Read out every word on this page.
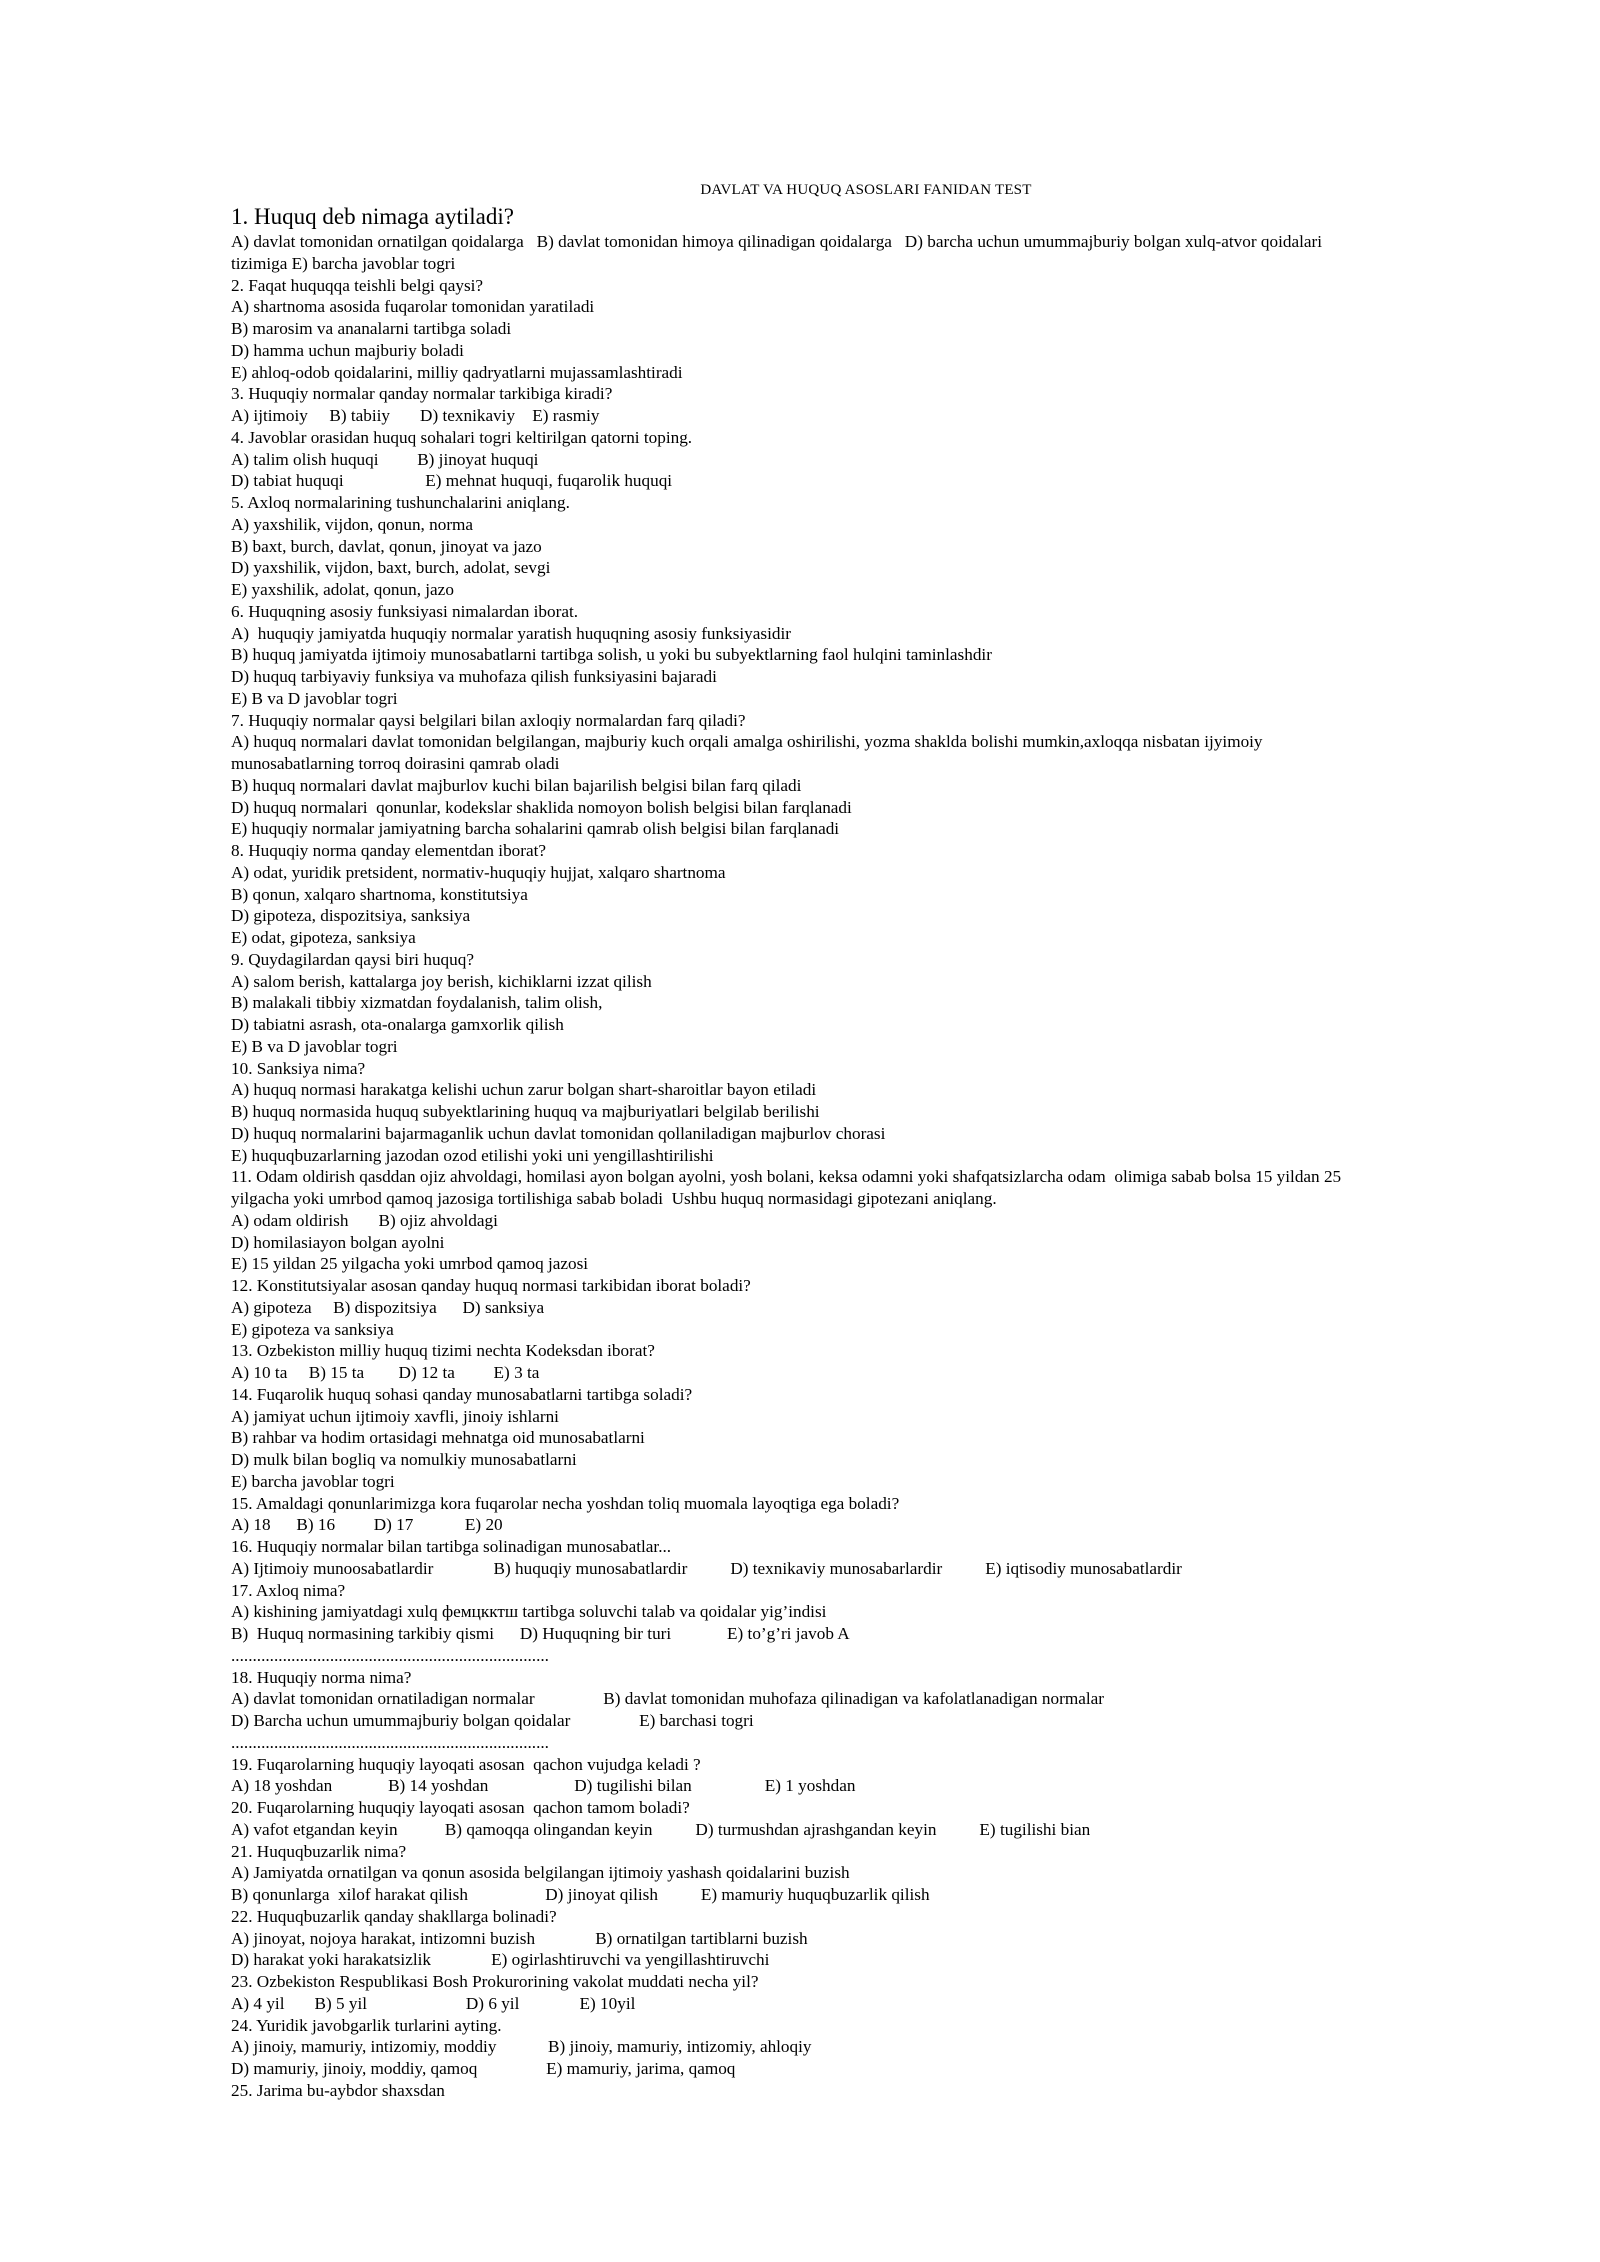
DAVLAT VA HUQUQ ASOSLARI FANIDAN TEST
1. Huquq deb nimaga aytiladi?
A) davlat tomonidan ornatilgan qoidalarga   B) davlat tomonidan himoya qilinadigan qoidalarga   D) barcha uchun umummajburiy bolgan xulq-atvor qoidalari
tizimiga E) barcha javoblar togri
2. Faqat huquqqa teishli belgi qaysi?
A) shartnoma asosida fuqarolar tomonidan yaratiladi
B) marosim va ananalarni tartibga soladi
D) hamma uchun majburiy boladi
E) ahloq-odob qoidalarini, milliy qadryatlarni mujassamlashtiradi
3. Huquqiy normalar qanday normalar tarkibiga kiradi?
A) ijtimoiy     B) tabiiy       D) texnikaviy    E) rasmiy
4. Javoblar orasidan huquq sohalari togri keltirilgan qatorni toping.
A) talim olish huquqi         B) jinoyat huquqi
D) tabiat huquqi                   E) mehnat huquqi, fuqarolik huquqi
5. Axloq normalarining tushunchalarini aniqlang.
A) yaxshilik, vijdon, qonun, norma
B) baxt, burch, davlat, qonun, jinoyat va jazo
D) yaxshilik, vijdon, baxt, burch, adolat, sevgi
E) yaxshilik, adolat, qonun, jazo
6. Huquqning asosiy funksiyasi nimalardan iborat.
A)  huquqiy jamiyatda huquqiy normalar yaratish huquqning asosiy funksiyasidir
B) huquq jamiyatda ijtimoiy munosabatlarni tartibga solish, u yoki bu subyektlarning faol hulqini taminlashdir
D) huquq tarbiyaviy funksiya va muhofaza qilish funksiyasini bajaradi
E) B va D javoblar togri
7. Huquqiy normalar qaysi belgilari bilan axloqiy normalardan farq qiladi?
A) huquq normalari davlat tomonidan belgilangan, majburiy kuch orqali amalga oshirilishi, yozma shaklda bolishi mumkin,axloqqa nisbatan ijyimoiy
munosabatlarning torroq doirasini qamrab oladi
B) huquq normalari davlat majburlov kuchi bilan bajarilish belgisi bilan farq qiladi
D) huquq normalari  qonunlar, kodekslar shaklida nomoyon bolish belgisi bilan farqlanadi
E) huquqiy normalar jamiyatning barcha sohalarini qamrab olish belgisi bilan farqlanadi
8. Huquqiy norma qanday elementdan iborat?
A) odat, yuridik pretsident, normativ-huquqiy hujjat, xalqaro shartnoma
B) qonun, xalqaro shartnoma, konstitutsiya
D) gipoteza, dispozitsiya, sanksiya
E) odat, gipoteza, sanksiya
9. Quydagilardan qaysi biri huquq?
A) salom berish, kattalarga joy berish, kichiklarni izzat qilish
B) malakali tibbiy xizmatdan foydalanish, talim olish,
D) tabiatni asrash, ota-onalarga gamxorlik qilish
E) B va D javoblar togri
10. Sanksiya nima?
A) huquq normasi harakatga kelishi uchun zarur bolgan shart-sharoitlar bayon etiladi
B) huquq normasida huquq subyektlarining huquq va majburiyatlari belgilab berilishi
D) huquq normalarini bajarmaganlik uchun davlat tomonidan qollaniladigan majburlov chorasi
E) huquqbuzarlarning jazodan ozod etilishi yoki uni yengillashtirilishi
11. Odam oldirish qasddan ojiz ahvoldagi, homilasi ayon bolgan ayolni, yosh bolani, keksa odamni yoki shafqatsizlarcha odam  olimiga sabab bolsa 15 yildan 25
yilgacha yoki umrbod qamoq jazosiga tortilishiga sabab boladi  Ushbu huquq normasidagi gipotezani aniqlang.
A) odam oldirish       B) ojiz ahvoldagi
D) homilasiayon bolgan ayolni
E) 15 yildan 25 yilgacha yoki umrbod qamoq jazosi
12. Konstitutsiyalar asosan qanday huquq normasi tarkibidan iborat boladi?
A) gipoteza     B) dispozitsiya      D) sanksiya
E) gipoteza va sanksiya
13. Ozbekiston milliy huquq tizimi nechta Kodeksdan iborat?
A) 10 ta     B) 15 ta        D) 12 ta         E) 3 ta
14. Fuqarolik huquq sohasi qanday munosabatlarni tartibga soladi?
A) jamiyat uchun ijtimoiy xavfli, jinoiy ishlarni
B) rahbar va hodim ortasidagi mehnatga oid munosabatlarni
D) mulk bilan bogliq va nomulkiy munosabatlarni
E) barcha javoblar togri
15. Amaldagi qonunlarimizga kora fuqarolar necha yoshdan toliq muomala layoqtiga ega boladi?
A) 18      B) 16         D) 17            E) 20
16. Huquqiy normalar bilan tartibga solinadigan munosabatlar...
A) Ijtimoiy munoosabatlardir              B) huquqiy munosabatlardir          D) texnikaviy munosabarlardir          E) iqtisodiy munosabatlardir
17. Axloq nima?
A) kishining jamiyatdagi xulq фемцкктш tartibga soluvchi talab va qoidalar yig’indisi
B)  Huquq normasining tarkibiy qismi      D) Huquqning bir turi             E) to’g’ri javob A
..........................................................................
18. Huquqiy norma nima?
A) davlat tomonidan ornatiladigan normalar                B) davlat tomonidan muhofaza qilinadigan va kafolatlanadigan normalar
D) Barcha uchun umummajburiy bolgan qoidalar                E) barchasi togri
..........................................................................
19. Fuqarolarning huquqiy layoqati asosan  qachon vujudga keladi ?
A) 18 yoshdan             B) 14 yoshdan                    D) tugilishi bilan                 E) 1 yoshdan
20. Fuqarolarning huquqiy layoqati asosan  qachon tamom boladi?
A) vafot etgandan keyin           B) qamoqqa olingandan keyin          D) turmushdan ajrashgandan keyin          E) tugilishi bian
21. Huquqbuzarlik nima?
A) Jamiyatda ornatilgan va qonun asosida belgilangan ijtimoiy yashash qoidalarini buzish
B) qonunlarga  xilof harakat qilish                  D) jinoyat qilish          E) mamuriy huquqbuzarlik qilish
22. Huquqbuzarlik qanday shakllarga bolinadi?
A) jinoyat, nojoya harakat, intizomni buzish              B) ornatilgan tartiblarni buzish
D) harakat yoki harakatsizlik              E) ogirlashtiruvchi va yengillashtiruvchi
23. Ozbekiston Respublikasi Bosh Prokurorining vakolat muddati necha yil?
A) 4 yil       B) 5 yil                       D) 6 yil              E) 10yil
24. Yuridik javobgarlik turlarini ayting.
A) jinoiy, mamuriy, intizomiy, moddiy            B) jinoiy, mamuriy, intizomiy, ahloqiy
D) mamuriy, jinoiy, moddiy, qamoq                E) mamuriy, jarima, qamoq
25. Jarima bu-aybdor shaxsdan
